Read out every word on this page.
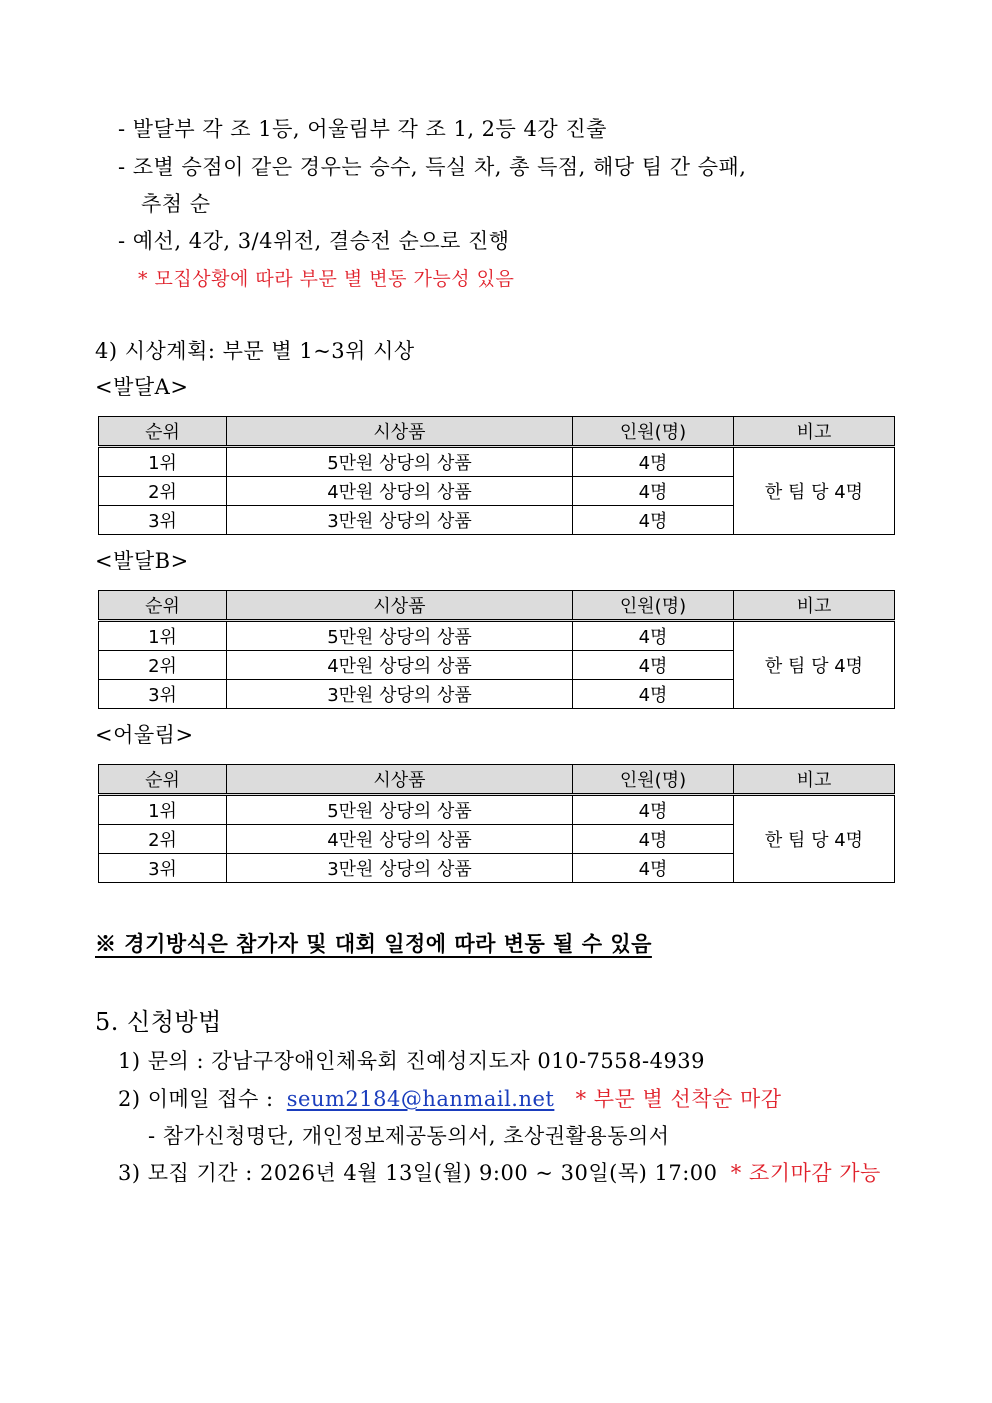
- 발달부 각 조 1등, 어울림부 각 조 1, 2등 4강 진출
- 조별 승점이 같은 경우는 승수, 득실 차, 총 득점, 해당 팀 간 승패,
추첨 순
- 예선, 4강, 3/4위전, 결승전 순으로 진행
* 모집상황에 따라 부문 별 변동 가능성 있음
4) 시상계획: 부문 별 1~3위 시상
<발달A>
순위	시상품	인원(명)	비고
1위	5만원 상당의 상품	4명	한 팀 당 4명
2위	4만원 상당의 상품	4명	
3위	3만원 상당의 상품	4명	
<발달B>
순위	시상품	인원(명)	비고
1위	5만원 상당의 상품	4명	한 팀 당 4명
2위	4만원 상당의 상품	4명	
3위	3만원 상당의 상품	4명	
<어울림>
순위	시상품	인원(명)	비고
1위	5만원 상당의 상품	4명	한 팀 당 4명
2위	4만원 상당의 상품	4명	
3위	3만원 상당의 상품	4명	
※ 경기방식은 참가자 및 대회 일정에 따라 변동 될 수 있음
5. 신청방법
1) 문의 : 강남구장애인체육회 진예성지도자 010-7558-4939
2) 이메일 접수 : seum2184@hanmail.net * 부문 별 선착순 마감
- 참가신청명단, 개인정보제공동의서, 초상권활용동의서
3) 모집 기간 : 2026년 4월 13일(월) 9:00 ~ 30일(목) 17:00 * 조기마감 가능
